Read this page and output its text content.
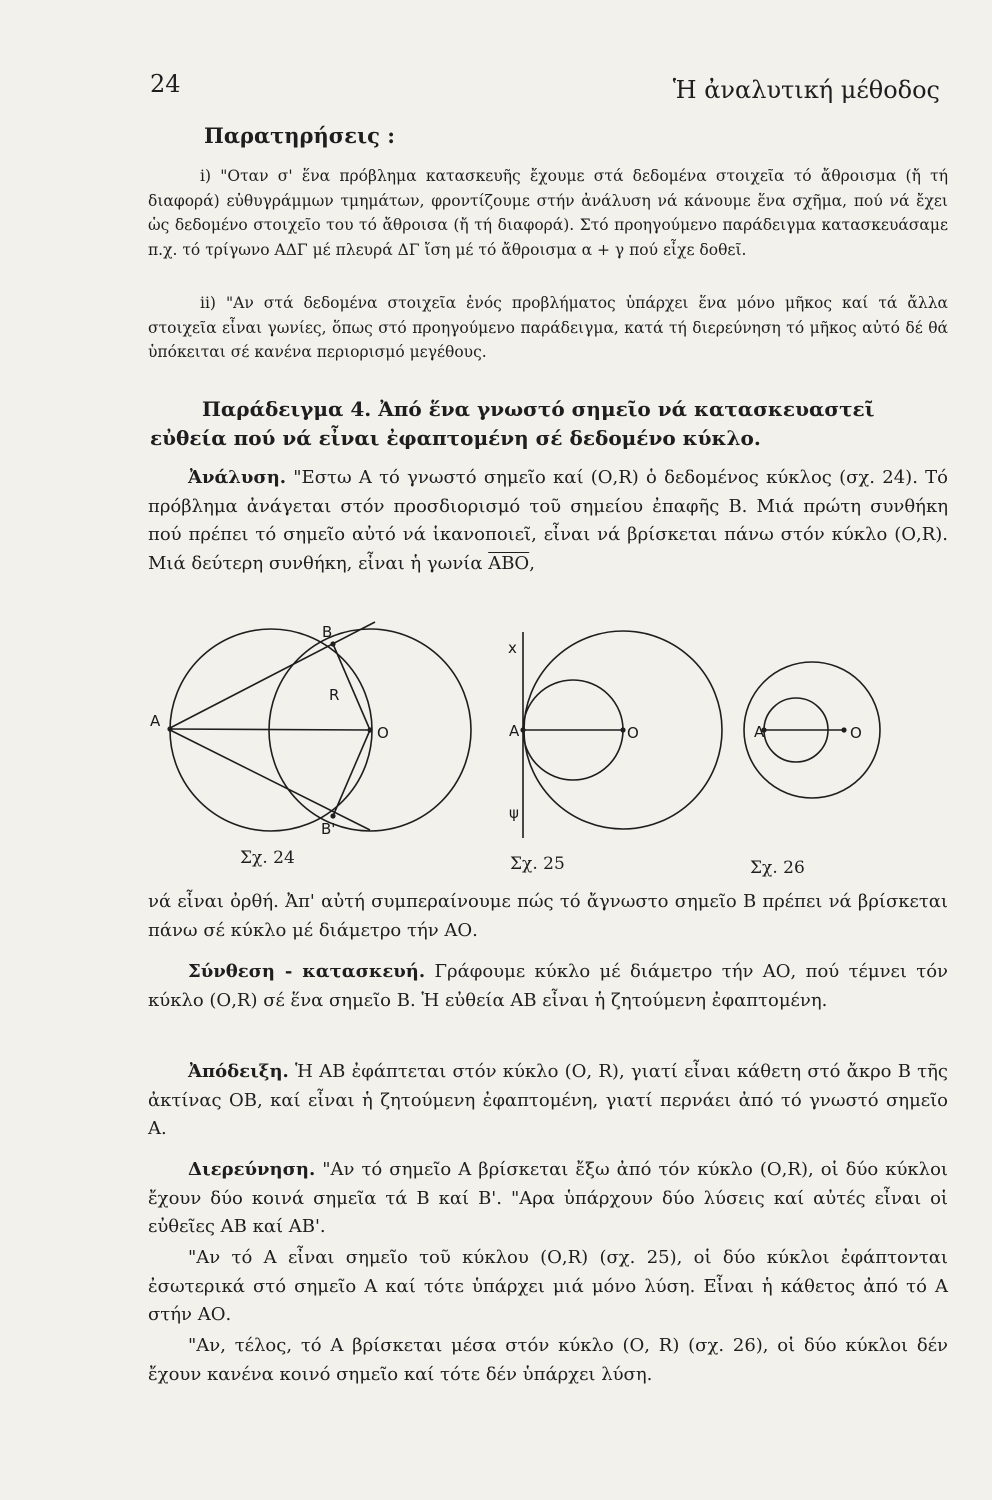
24	Ἡ ἀναλυτική μέθοδος
Παρατηρήσεις :

i) "Οταν σ' ἕνα πρόβλημα κατασκευῆς ἔχουμε στά δεδομένα στοιχεῖα τό ἄθροισμα (ἤ τή διαφορά) εὐθυγράμμων τμημάτων, φροντίζουμε στήν ἀνάλυση νά κάνουμε ἕνα σχῆμα, πού νά ἔχει ὡς δεδομένο στοιχεῖο του τό ἄθροισα (ἤ τή διαφορά). Στό προηγούμενο παράδειγμα κατασκευάσαμε π.χ. τό τρίγωνο ΑΔΓ μέ πλευρά ΔΓ ἴση μέ τό ἄθροισμα α + γ πού εἶχε δοθεῖ.

ii) "Αν στά δεδομένα στοιχεῖα ἑνός προβλήματος ὑπάρχει ἕνα μόνο μῆκος καί τά ἄλλα στοιχεῖα εἶναι γωνίες, ὅπως στό προηγούμενο παράδειγμα, κατά τή διερεύνηση τό μῆκος αὐτό δέ θά ὑπόκειται σέ κανένα περιορισμό μεγέθους.

Παράδειγμα 4. Ἀπό ἕνα γνωστό σημεῖο νά κατασκευαστεῖ εὐθεία πού νά εἶναι ἐφαπτομένη σέ δεδομένο κύκλο.

Ἀνάλυση. "Εστω Α τό γνωστό σημεῖο καί (Ο,R) ὁ δεδομένος κύκλος (σχ. 24). Τό πρόβλημα ἀνάγεται στόν προσδιορισμό τοῦ σημείου ἐπαφῆς Β. Μιά πρώτη συνθήκη πού πρέπει τό σημεῖο αὐτό νά ἱκανοποιεῖ, εἶναι νά βρίσκεται πάνω στόν κύκλο (Ο,R). Μιά δεύτερη συνθήκη, εἶναι ἡ γωνία $\overline{ABO}$,

Α
Β
R
Ο
Β'
x
Α	Ο
ψ
Α	Ο
Σχ. 24	Σχ. 25	Σχ. 26

νά εἶναι ὀρθή. Ἀπ' αὐτή συμπεραίνουμε πώς τό ἄγνωστο σημεῖο Β πρέπει νά βρίσκεται πάνω σέ κύκλο μέ διάμετρο τήν ΑΟ.

Σύνθεση - κατασκευή. Γράφουμε κύκλο μέ διάμετρο τήν ΑΟ, πού τέμνει τόν κύκλο (Ο,R) σέ ἕνα σημεῖο Β. Ἡ εὐθεία ΑΒ εἶναι ἡ ζητούμενη ἐφαπτομένη.

Ἀπόδειξη. Ἡ ΑΒ ἐφάπτεται στόν κύκλο (Ο, R), γιατί εἶναι κάθετη στό ἄκρο Β τῆς ἀκτίνας ΟΒ, καί εἶναι ἡ ζητούμενη ἐφαπτομένη, γιατί περνάει ἀπό τό γνωστό σημεῖο Α.

Διερεύνηση. "Αν τό σημεῖο Α βρίσκεται ἔξω ἀπό τόν κύκλο (Ο,R), οἱ δύο κύκλοι ἔχουν δύο κοινά σημεῖα τά Β καί Β'. "Αρα ὑπάρχουν δύο λύσεις καί αὐτές εἶναι οἱ εὐθεῖες ΑΒ καί ΑΒ'.

"Αν τό Α εἶναι σημεῖο τοῦ κύκλου (Ο,R) (σχ. 25), οἱ δύο κύκλοι ἐφάπτονται ἐσωτερικά στό σημεῖο Α καί τότε ὑπάρχει μιά μόνο λύση. Εἶναι ἡ κάθετος ἀπό τό Α στήν ΑΟ.

"Αν, τέλος, τό Α βρίσκεται μέσα στόν κύκλο (Ο, R) (σχ. 26), οἱ δύο κύκλοι δέν ἔχουν κανένα κοινό σημεῖο καί τότε δέν ὑπάρχει λύση.
